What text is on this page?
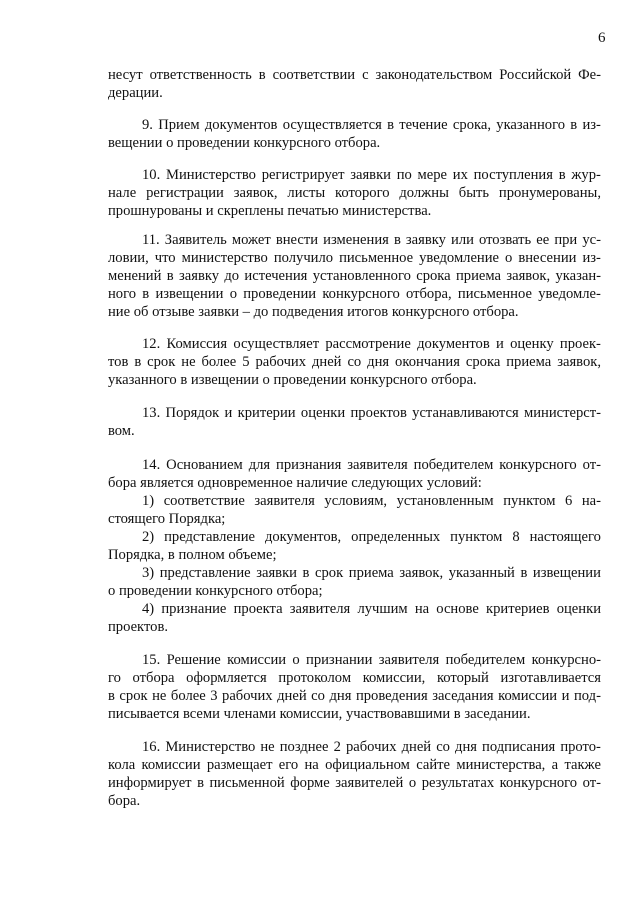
6
несут ответственность в соответствии с законодательством Российской Фе-
дерации.
9. Прием документов осуществляется в течение срока, указанного в из-
вещении о проведении конкурсного отбора.
10. Министерство регистрирует заявки по мере их поступления в жур-
нале регистрации заявок, листы которого должны быть пронумерованы,
прошнурованы и скреплены печатью министерства.
11. Заявитель может внести изменения в заявку или отозвать ее при ус-
ловии, что министерство получило письменное уведомление о внесении из-
менений в заявку до истечения установленного срока приема заявок, указан-
ного в извещении о проведении конкурсного отбора, письменное уведомле-
ние об отзыве заявки – до подведения итогов конкурсного отбора.
12. Комиссия осуществляет рассмотрение документов и оценку проек-
тов в срок не более 5 рабочих дней со дня окончания срока приема заявок,
указанного в извещении о проведении конкурсного отбора.
13. Порядок и критерии оценки проектов устанавливаются министерст-
вом.
14. Основанием для признания заявителя победителем конкурсного от-
бора является одновременное наличие следующих условий:
1) соответствие заявителя условиям, установленным пунктом 6 на-
стоящего Порядка;
2) представление документов, определенных пунктом 8 настоящего
Порядка, в полном объеме;
3) представление заявки в срок приема заявок, указанный в извещении
о проведении конкурсного отбора;
4) признание проекта заявителя лучшим на основе критериев оценки
проектов.
15. Решение комиссии о признании заявителя победителем конкурсно-
го отбора оформляется протоколом комиссии, который изготавливается
в срок не более 3 рабочих дней со дня проведения заседания комиссии и под-
писывается всеми членами комиссии, участвовавшими в заседании.
16. Министерство не позднее 2 рабочих дней со дня подписания прото-
кола комиссии размещает его на официальном сайте министерства, а также
информирует в письменной форме заявителей о результатах конкурсного от-
бора.
